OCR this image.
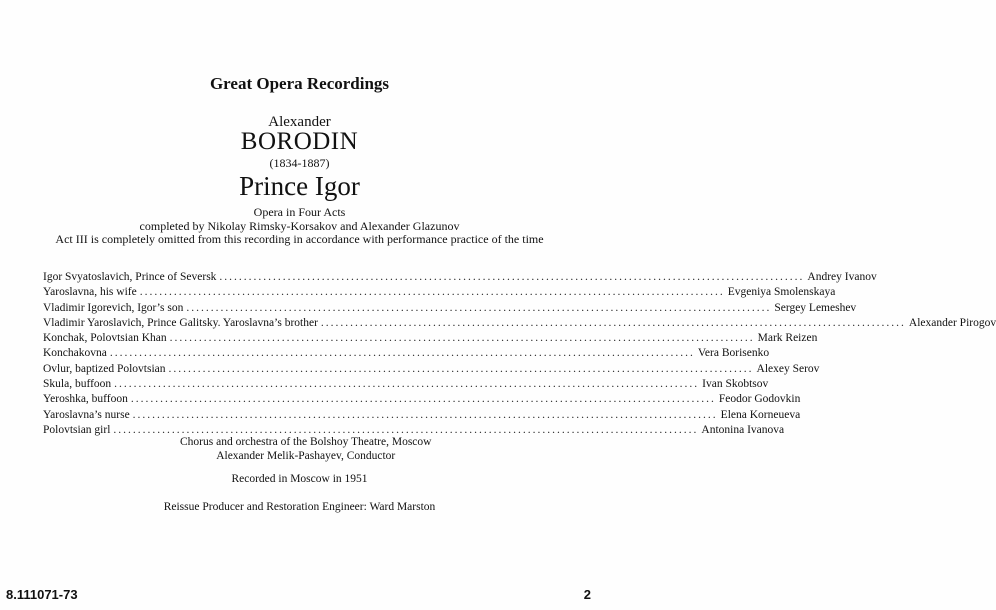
Great Opera Recordings
Alexander
BORODIN
(1834-1887)
Prince Igor
Opera in Four Acts
completed by Nikolay Rimsky-Korsakov and Alexander Glazunov
Act III is completely omitted from this recording in accordance with performance practice of the time
Igor Svyatoslavich, Prince of Seversk ........................................................................................................................ Andrey Ivanov
Yaroslavna, his wife ........................................................................................................................ Evgeniya Smolenskaya
Vladimir Igorevich, Igor’s son ........................................................................................................................ Sergey Lemeshev
Vladimir Yaroslavich, Prince Galitsky. Yaroslavna’s brother ........................................................................................................................ Alexander Pirogov
Konchak, Polovtsian Khan ........................................................................................................................ Mark Reizen
Konchakovna ........................................................................................................................ Vera Borisenko
Ovlur, baptized Polovtsian ........................................................................................................................ Alexey Serov
Skula, buffoon ........................................................................................................................ Ivan Skobtsov
Yeroshka, buffoon ........................................................................................................................ Feodor Godovkin
Yaroslavna’s nurse ........................................................................................................................ Elena Korneueva
Polovtsian girl ........................................................................................................................ Antonina Ivanova
Chorus and orchestra of the Bolshoy Theatre, Moscow
Alexander Melik-Pashayev, Conductor
Recorded in Moscow in 1951
Reissue Producer and Restoration Engineer: Ward Marston
8.111071-73	2
